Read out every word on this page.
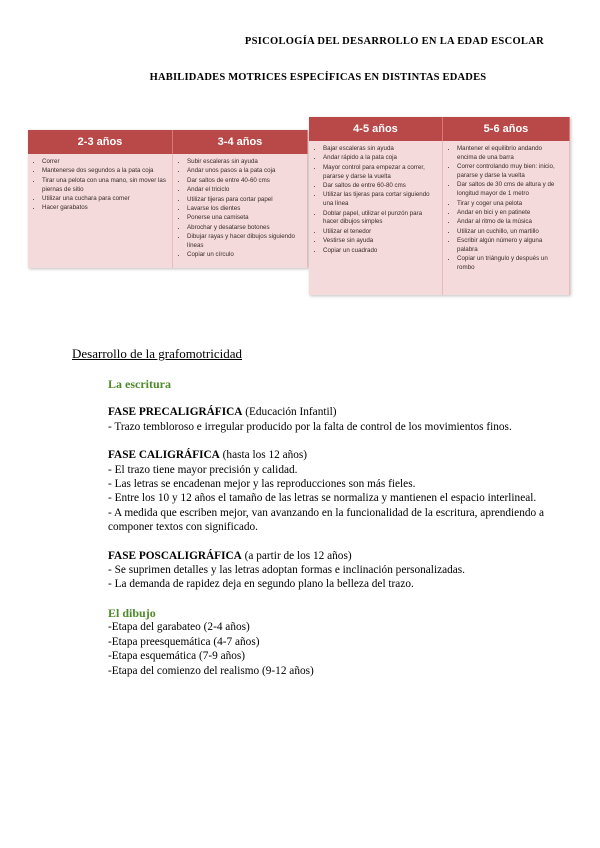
PSICOLOGÍA DEL DESARROLLO EN LA EDAD ESCOLAR
HABILIDADES MOTRICES ESPECÍFICAS EN DISTINTAS EDADES
2-3 años
• Correr
• Mantenerse dos segundos a la pata coja
• Tirar una pelota con una mano, sin mover las piernas de sitio
• Utilizar una cuchara para comer
• Hacer garabatos
3-4 años
• Subir escaleras sin ayuda
• Andar unos pasos a la pata coja
• Dar saltos de entre 40-60 cms
• Andar el triciclo
• Utilizar tijeras para cortar papel
• Lavarse los dientes
• Ponerse una camiseta
• Abrochar y desatarse botones
• Dibujar rayas y hacer dibujos siguiendo líneas
• Copiar un círculo
4-5 años
• Bajar escaleras sin ayuda
• Andar rápido a la pata coja
• Mayor control para empezar a correr, pararse y darse la vuelta
• Dar saltos de entre 60-80 cms
• Utilizar las tijeras para cortar siguiendo una línea
• Doblar papel, utilizar el punzón para hacer dibujos simples
• Utilizar el tenedor
• Vestirse sin ayuda
• Copiar un cuadrado
5-6 años
• Mantener el equilibrio andando encima de una barra
• Correr controlando muy bien: inicio, pararse y darse la vuelta
• Dar saltos de 30 cms de altura y de longitud mayor de 1 metro
• Tirar y coger una pelota
• Andar en bici y en patinete
• Andar al ritmo de la música
• Utilizar un cuchillo, un martillo
• Escribir algún número y alguna palabra
• Copiar un triángulo y después un rombo
Desarrollo de la grafomotricidad

La escritura

FASE PRECALIGRÁFICA (Educación Infantil)

- Trazo tembloroso e irregular producido por la falta de control de los movimientos finos.

FASE CALIGRÁFICA (hasta los 12 años)

- El trazo tiene mayor precisión y calidad.

- Las letras se encadenan mejor y las reproducciones son más fieles.

- Entre los 10 y 12 años el tamaño de las letras se normaliza y mantienen el espacio interlineal.

- A medida que escriben mejor, van avanzando en la funcionalidad de la escritura, aprendiendo a componer textos con significado.

FASE POSCALIGRÁFICA (a partir de los 12 años)

- Se suprimen detalles y las letras adoptan formas e inclinación personalizadas.

- La demanda de rapidez deja en segundo plano la belleza del trazo.

El dibujo

-Etapa del garabateo (2-4 años)

-Etapa preesquemática (4-7 años)

-Etapa esquemática (7-9 años)

-Etapa del comienzo del realismo (9-12 años)
